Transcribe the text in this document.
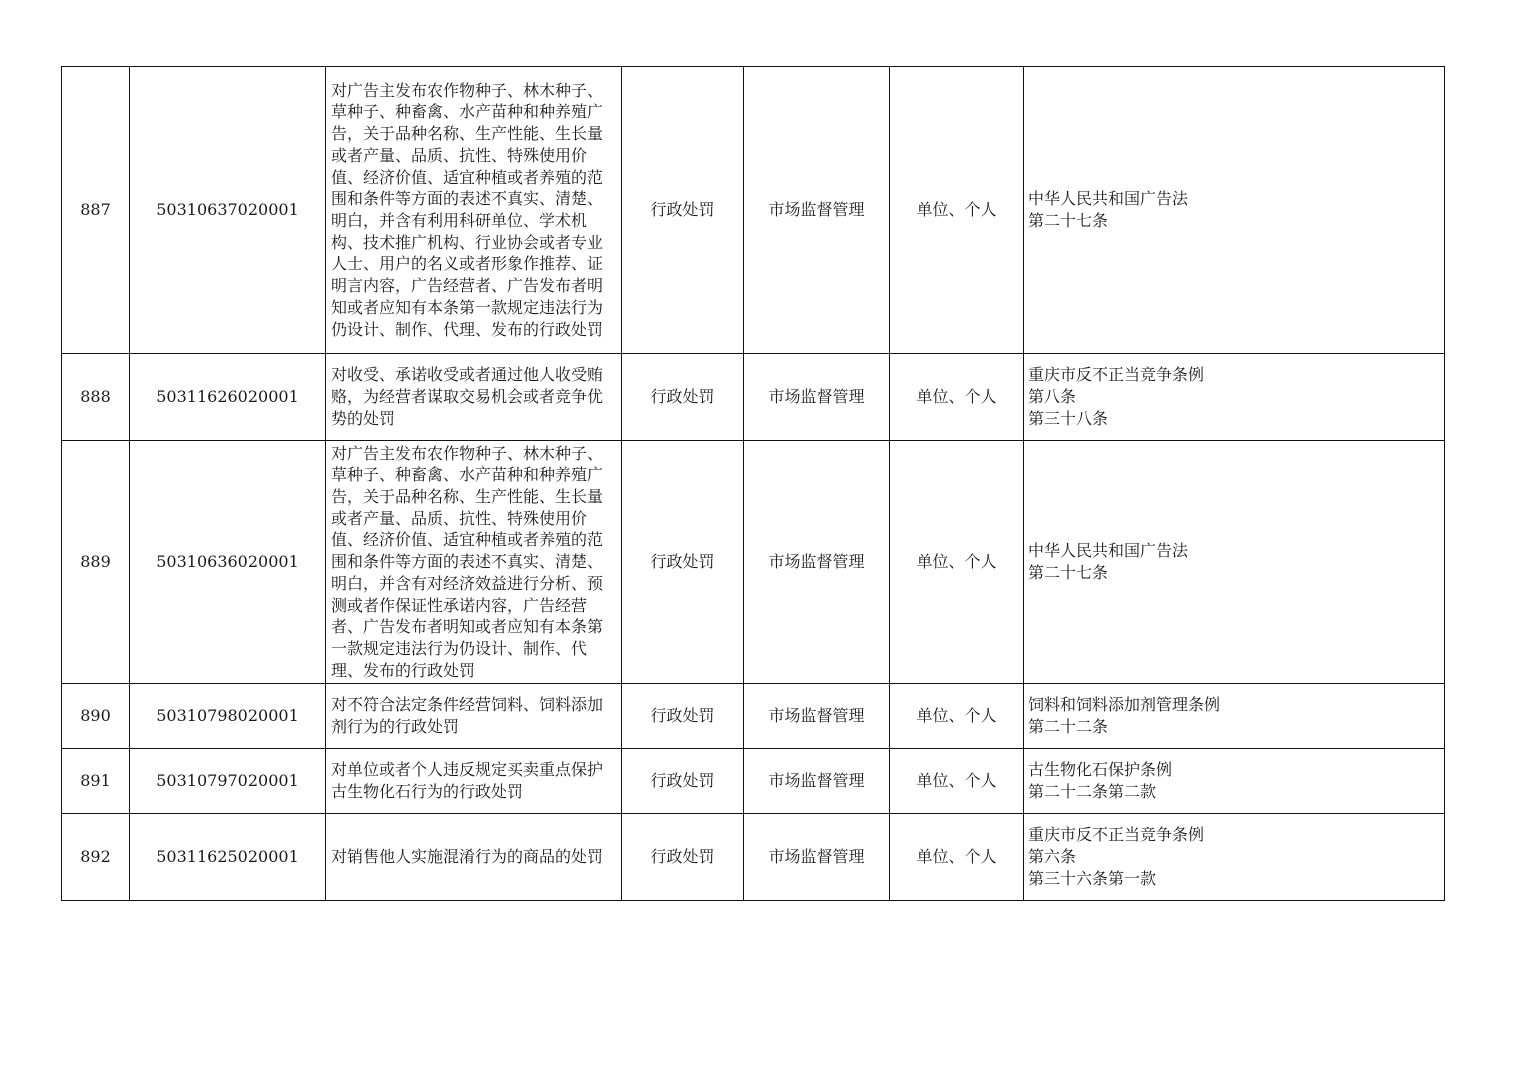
887	50310637020001	对广告主发布农作物种子、林木种子、草种子、种畜禽、水产苗种和种养殖广告，关于品种名称、生产性能、生长量或者产量、品质、抗性、特殊使用价值、经济价值、适宜种植或者养殖的范围和条件等方面的表述不真实、清楚、明白，并含有利用科研单位、学术机构、技术推广机构、行业协会或者专业人士、用户的名义或者形象作推荐、证明言内容，广告经营者、广告发布者明知或者应知有本条第一款规定违法行为仍设计、制作、代理、发布的行政处罚	行政处罚	市场监督管理	单位、个人	中华人民共和国广告法
第二十七条

888	50311626020001	对收受、承诺收受或者通过他人收受贿赂，为经营者谋取交易机会或者竞争优势的处罚	行政处罚	市场监督管理	单位、个人	重庆市反不正当竞争条例
第八条
第三十八条

889	50310636020001	对广告主发布农作物种子、林木种子、草种子、种畜禽、水产苗种和种养殖广告，关于品种名称、生产性能、生长量或者产量、品质、抗性、特殊使用价值、经济价值、适宜种植或者养殖的范围和条件等方面的表述不真实、清楚、明白，并含有对经济效益进行分析、预测或者作保证性承诺内容，广告经营者、广告发布者明知或者应知有本条第一款规定违法行为仍设计、制作、代理、发布的行政处罚	行政处罚	市场监督管理	单位、个人	中华人民共和国广告法
第二十七条

890	50310798020001	对不符合法定条件经营饲料、饲料添加剂行为的行政处罚	行政处罚	市场监督管理	单位、个人	饲料和饲料添加剂管理条例
第二十二条

891	50310797020001	对单位或者个人违反规定买卖重点保护古生物化石行为的行政处罚	行政处罚	市场监督管理	单位、个人	古生物化石保护条例
第二十二条第二款

892	50311625020001	对销售他人实施混淆行为的商品的处罚	行政处罚	市场监督管理	单位、个人	重庆市反不正当竞争条例
第六条
第三十六条第一款
